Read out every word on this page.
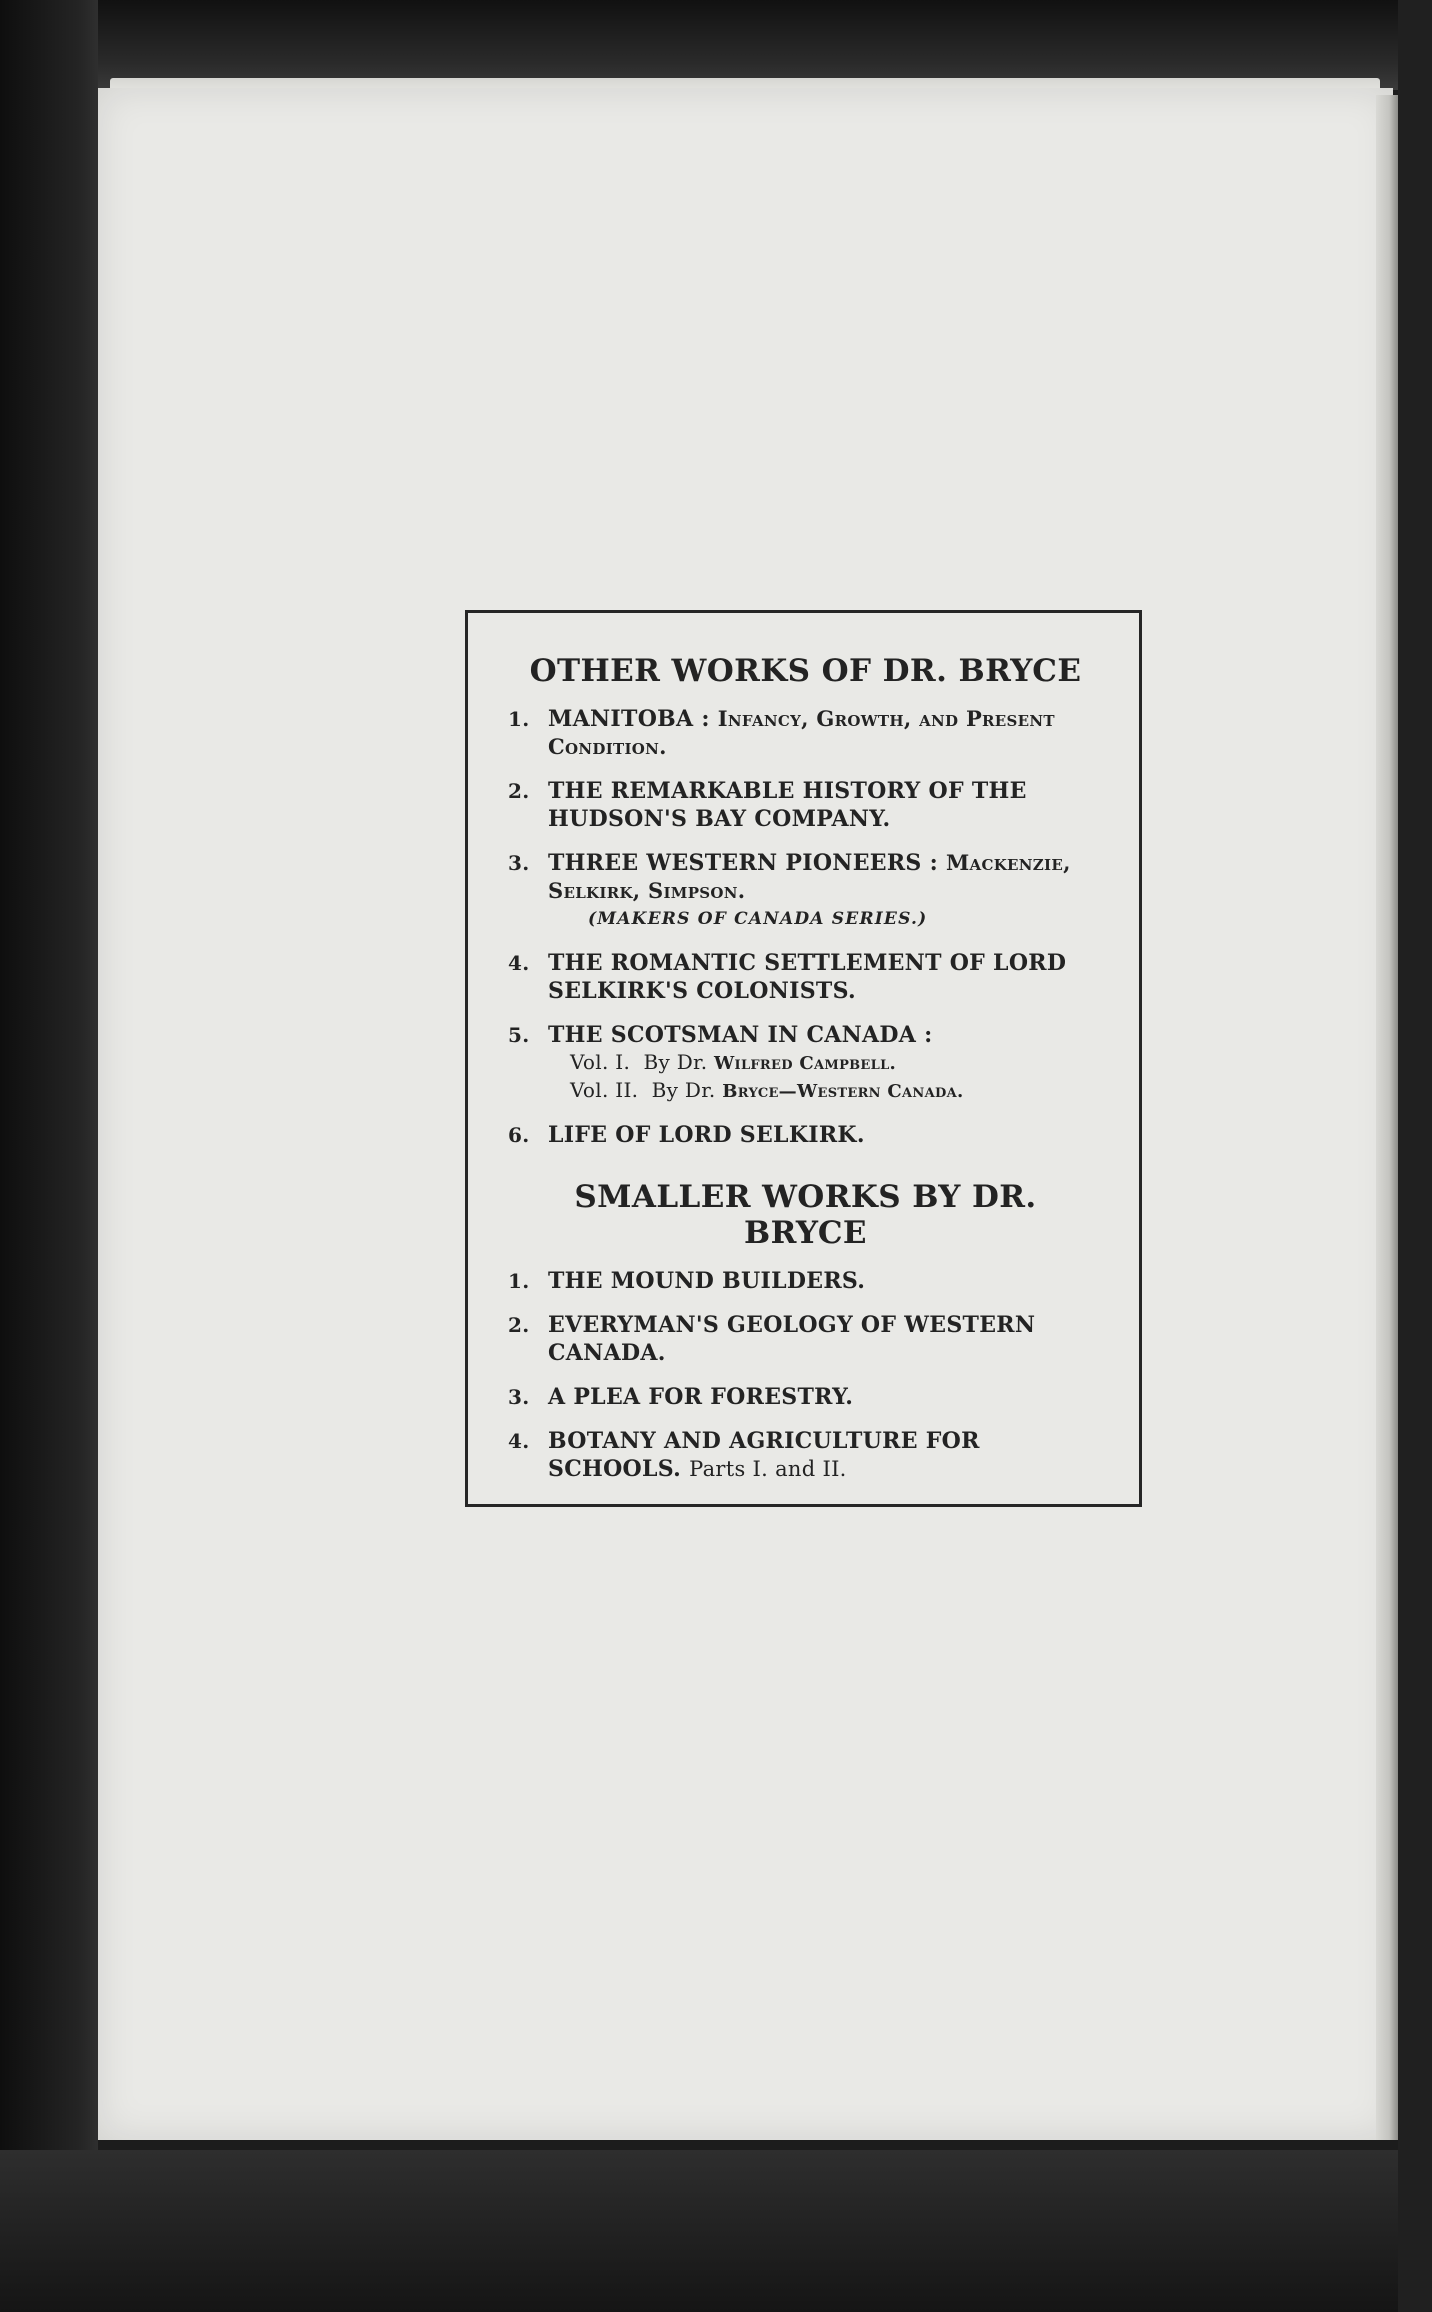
OTHER WORKS OF DR. BRYCE
1. MANITOBA : Infancy, Growth, and Present Condition.
2. THE REMARKABLE HISTORY OF THE HUDSON'S BAY COMPANY.
3. THREE WESTERN PIONEERS : Mackenzie, Selkirk, Simpson.
(MAKERS OF CANADA SERIES.)
4. THE ROMANTIC SETTLEMENT OF LORD SELKIRK'S COLONISTS.
5. THE SCOTSMAN IN CANADA :
Vol. I. By Dr. Wilfred Campbell.
Vol. II. By Dr. Bryce—Western Canada.
6. LIFE OF LORD SELKIRK.
SMALLER WORKS BY DR. BRYCE
1. THE MOUND BUILDERS.
2. EVERYMAN'S GEOLOGY OF WESTERN CANADA.
3. A PLEA FOR FORESTRY.
4. BOTANY AND AGRICULTURE FOR SCHOOLS. Parts I. and II.
